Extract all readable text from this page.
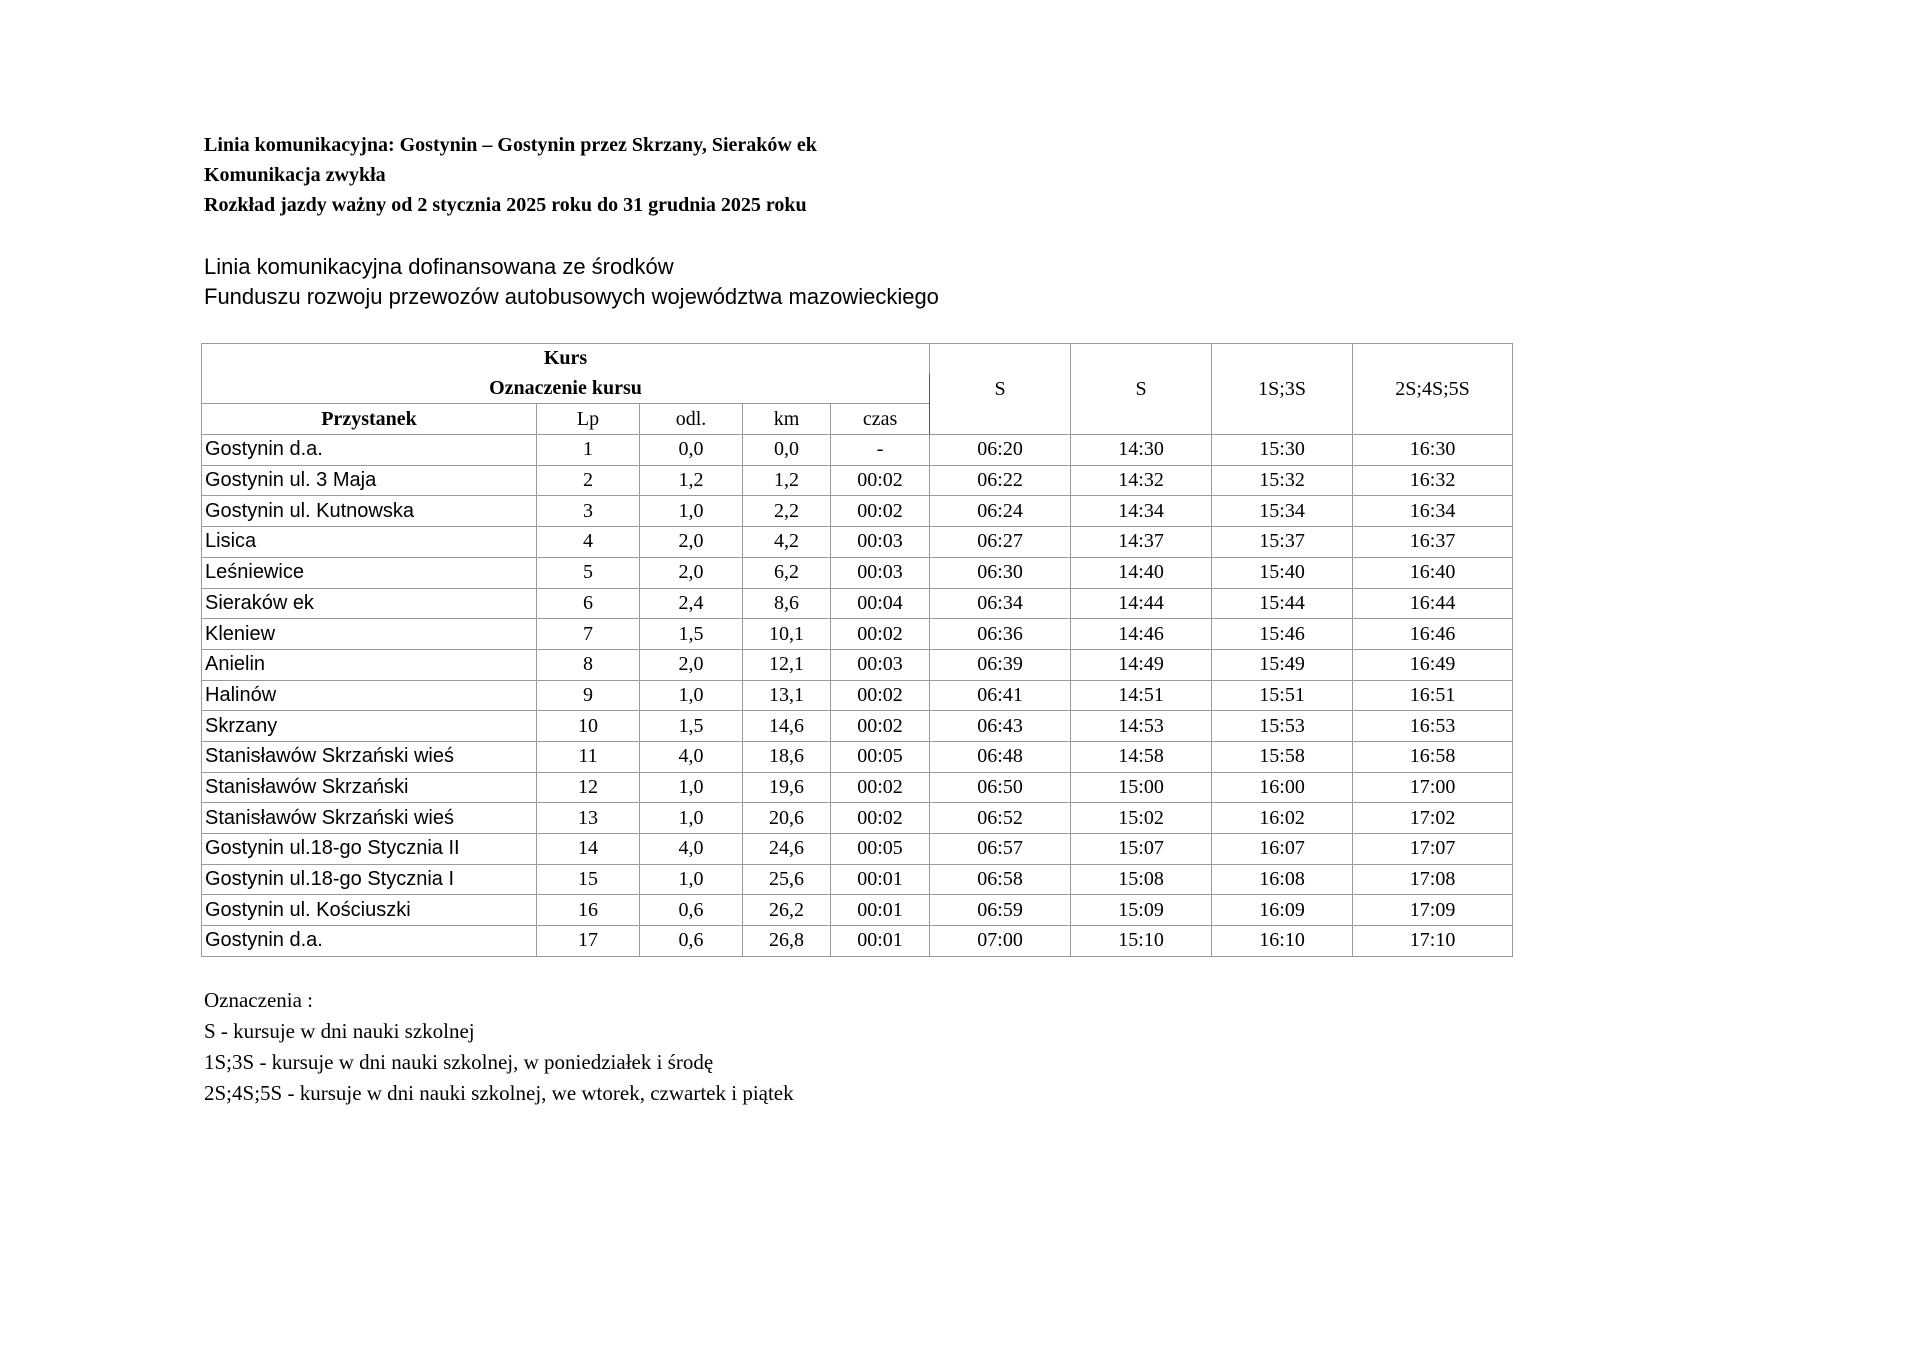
Linia komunikacyjna: Gostynin – Gostynin przez Skrzany, Sieraków ek
Komunikacja zwykła
Rozkład jazdy ważny od 2 stycznia 2025 roku do 31 grudnia 2025 roku
Linia komunikacyjna dofinansowana ze środków
Funduszu rozwoju przewozów autobusowych województwa mazowieckiego
Kurs					S	S	1S;3S	2S;4S;5S
Oznaczenie kursu								
Przystanek	Lp	odl.	km	czas				
Gostynin d.a.	1	0,0	0,0	-	06:20	14:30	15:30	16:30
Gostynin ul. 3 Maja	2	1,2	1,2	00:02	06:22	14:32	15:32	16:32
Gostynin ul. Kutnowska	3	1,0	2,2	00:02	06:24	14:34	15:34	16:34
Lisica	4	2,0	4,2	00:03	06:27	14:37	15:37	16:37
Leśniewice	5	2,0	6,2	00:03	06:30	14:40	15:40	16:40
Sieraków ek	6	2,4	8,6	00:04	06:34	14:44	15:44	16:44
Kleniew	7	1,5	10,1	00:02	06:36	14:46	15:46	16:46
Anielin	8	2,0	12,1	00:03	06:39	14:49	15:49	16:49
Halinów	9	1,0	13,1	00:02	06:41	14:51	15:51	16:51
Skrzany	10	1,5	14,6	00:02	06:43	14:53	15:53	16:53
Stanisławów Skrzański wieś	11	4,0	18,6	00:05	06:48	14:58	15:58	16:58
Stanisławów Skrzański	12	1,0	19,6	00:02	06:50	15:00	16:00	17:00
Stanisławów Skrzański wieś	13	1,0	20,6	00:02	06:52	15:02	16:02	17:02
Gostynin ul.18-go Stycznia II	14	4,0	24,6	00:05	06:57	15:07	16:07	17:07
Gostynin ul.18-go Stycznia I	15	1,0	25,6	00:01	06:58	15:08	16:08	17:08
Gostynin ul. Kościuszki	16	0,6	26,2	00:01	06:59	15:09	16:09	17:09
Gostynin d.a.	17	0,6	26,8	00:01	07:00	15:10	16:10	17:10
Oznaczenia :
S - kursuje w dni nauki szkolnej
1S;3S - kursuje w dni nauki szkolnej, w poniedziałek i środę
2S;4S;5S - kursuje w dni nauki szkolnej, we wtorek, czwartek i piątek
